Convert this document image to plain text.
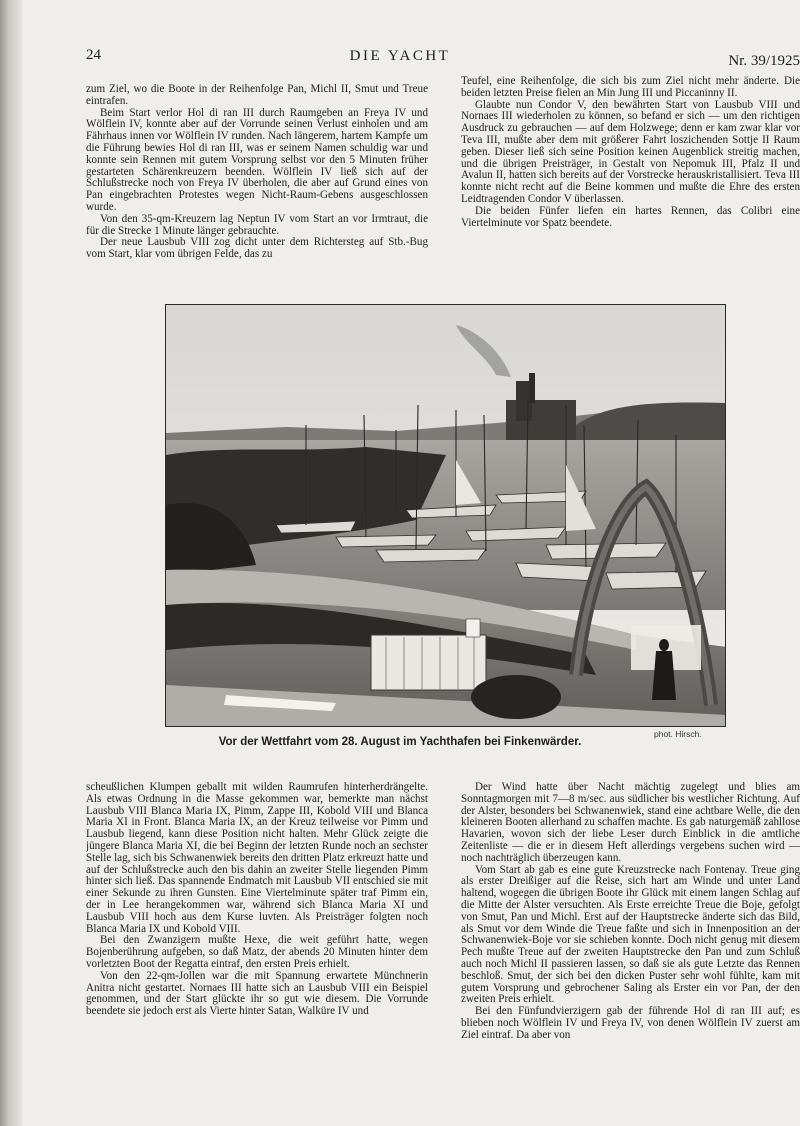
24	DIE YACHT	Nr. 39/1925

zum Ziel, wo die Boote in der Reihenfolge Pan, Michl II, Smut und Treue eintrafen.

Beim Start verlor Hol di ran III durch Raumgeben an Freya IV und Wölflein IV, konnte aber auf der Vorrunde seinen Verlust einholen und am Fährhaus innen vor Wölflein IV runden. Nach längerem, hartem Kampfe um die Führung bewies Hol di ran III, was er seinem Namen schuldig war und konnte sein Rennen mit gutem Vorsprung selbst vor den 5 Minuten früher gestarteten Schärenkreuzern beenden. Wölflein IV ließ sich auf der Schlußstrecke noch von Freya IV überholen, die aber auf Grund eines von Pan eingebrachten Protestes wegen Nicht-Raum-Gebens ausgeschlossen wurde.

Von den 35-qm-Kreuzern lag Neptun IV vom Start an vor Irmtraut, die für die Strecke 1 Minute länger gebrauchte.

Der neue Lausbub VIII zog dicht unter dem Richtersteg auf Stb.-Bug vom Start, klar vom übrigen Felde, das zu

Teufel, eine Reihenfolge, die sich bis zum Ziel nicht mehr änderte. Die beiden letzten Preise fielen an Min Jung III und Piccaninny II.

Glaubte nun Condor V, den bewährten Start von Lausbub VIII und Nornaes III wiederholen zu können, so befand er sich — um den richtigen Ausdruck zu gebrauchen — auf dem Holzwege; denn er kam zwar klar vor Teva III, mußte aber dem mit größerer Fahrt loszichenden Sottje II Raum geben. Dieser ließ sich seine Position keinen Augenblick streitig machen, und die übrigen Preisträger, in Gestalt von Nepomuk III, Pfalz II und Avalun II, hatten sich bereits auf der Vorstrecke herauskristallisiert. Teva III konnte nicht recht auf die Beine kommen und mußte die Ehre des ersten Leidtragenden Condor V überlassen.

Die beiden Fünfer liefen ein hartes Rennen, das Colibri eine Viertelminute vor Spatz beendete.

phot. Hirsch.
Vor der Wettfahrt vom 28. August im Yachthafen bei Finkenwärder.

scheußlichen Klumpen geballt mit wilden Raumrufen hinterherdrängelte. Als etwas Ordnung in die Masse gekommen war, bemerkte man nächst Lausbub VIII Blanca Maria IX, Pimm, Zappe III, Kobold VIII und Blanca Maria XI in Front. Blanca Maria IX, an der Kreuz teilweise vor Pimm und Lausbub liegend, kann diese Position nicht halten. Mehr Glück zeigte die jüngere Blanca Maria XI, die bei Beginn der letzten Runde noch an sechster Stelle lag, sich bis Schwanenwiek bereits den dritten Platz erkreuzt hatte und auf der Schlußstrecke auch den bis dahin an zweiter Stelle liegenden Pimm hinter sich ließ. Das spannende Endmatch mit Lausbub VII entschied sie mit einer Sekunde zu ihren Gunsten. Eine Viertelminute später traf Pimm ein, der in Lee herangekommen war, während sich Blanca Maria XI und Lausbub VIII hoch aus dem Kurse luvten. Als Preisträger folgten noch Blanca Maria IX und Kobold VIII.

Bei den Zwanzigern mußte Hexe, die weit geführt hatte, wegen Bojenberührung aufgeben, so daß Matz, der abends 20 Minuten hinter dem vorletzten Boot der Regatta eintraf, den ersten Preis erhielt.

Von den 22-qm-Jollen war die mit Spannung erwartete Münchnerin Anitra nicht gestartet. Nornaes III hatte sich an Lausbub VIII ein Beispiel genommen, und der Start glückte ihr so gut wie diesem. Die Vorrunde beendete sie jedoch erst als Vierte hinter Satan, Walküre IV und

Der Wind hatte über Nacht mächtig zugelegt und blies am Sonntagmorgen mit 7—8 m/sec. aus südlicher bis westlicher Richtung. Auf der Alster, besonders bei Schwanenwiek, stand eine achtbare Welle, die den kleineren Booten allerhand zu schaffen machte. Es gab naturgemäß zahllose Havarien, wovon sich der liebe Leser durch Einblick in die amtliche Zeitenliste — die er in diesem Heft allerdings vergebens suchen wird — noch nachträglich überzeugen kann.

Vom Start ab gab es eine gute Kreuzstrecke nach Fontenay. Treue ging als erster Dreißiger auf die Reise, sich hart am Winde und unter Land haltend, wogegen die übrigen Boote ihr Glück mit einem langen Schlag auf die Mitte der Alster versuchten. Als Erste erreichte Treue die Boje, gefolgt von Smut, Pan und Michl. Erst auf der Hauptstrecke änderte sich das Bild, als Smut vor dem Winde die Treue faßte und sich in Innenposition an der Schwanenwiek-Boje vor sie schieben konnte. Doch nicht genug mit diesem Pech mußte Treue auf der zweiten Hauptstrecke den Pan und zum Schluß auch noch Michl II passieren lassen, so daß sie als gute Letzte das Rennen beschloß. Smut, der sich bei den dicken Puster sehr wohl fühlte, kam mit gutem Vorsprung und gebrochener Saling als Erster ein vor Pan, der den zweiten Preis erhielt.

Bei den Fünfundvierzigern gab der führende Hol di ran III auf; es blieben noch Wölflein IV und Freya IV, von denen Wölflein IV zuerst am Ziel eintraf. Da aber von
